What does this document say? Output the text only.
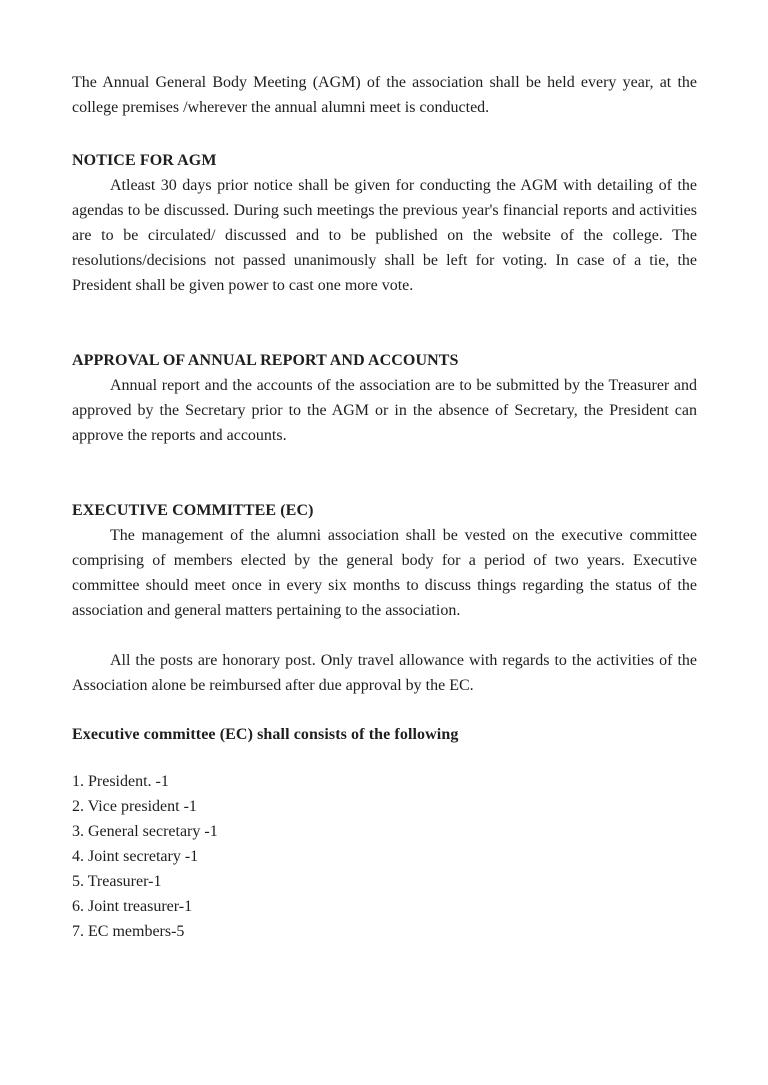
The Annual General Body Meeting (AGM) of the association shall be held every year, at the college premises /wherever the annual alumni meet is conducted.

NOTICE FOR AGM

Atleast 30 days prior notice shall be given for conducting the AGM with detailing of the agendas to be discussed. During such meetings the previous year's financial reports and activities are to be circulated/ discussed and to be published on the website of the college. The resolutions/decisions not passed unanimously shall be left for voting. In case of a tie, the President shall be given power to cast one more vote.

APPROVAL OF ANNUAL REPORT AND ACCOUNTS

Annual report and the accounts of the association are to be submitted by the Treasurer and approved by the Secretary prior to the AGM or in the absence of Secretary, the President can approve the reports and accounts.

EXECUTIVE COMMITTEE (EC)

The management of the alumni association shall be vested on the executive committee comprising of members elected by the general body for a period of two years. Executive committee should meet once in every six months to discuss things regarding the status of the association and general matters pertaining to the association.

All the posts are honorary post. Only travel allowance with regards to the activities of the Association alone be reimbursed after due approval by the EC.

Executive committee (EC) shall consists of the following
1. President. -1
2. Vice president -1
3. General secretary -1
4. Joint secretary -1
5. Treasurer-1
6. Joint treasurer-1
7. EC members-5
